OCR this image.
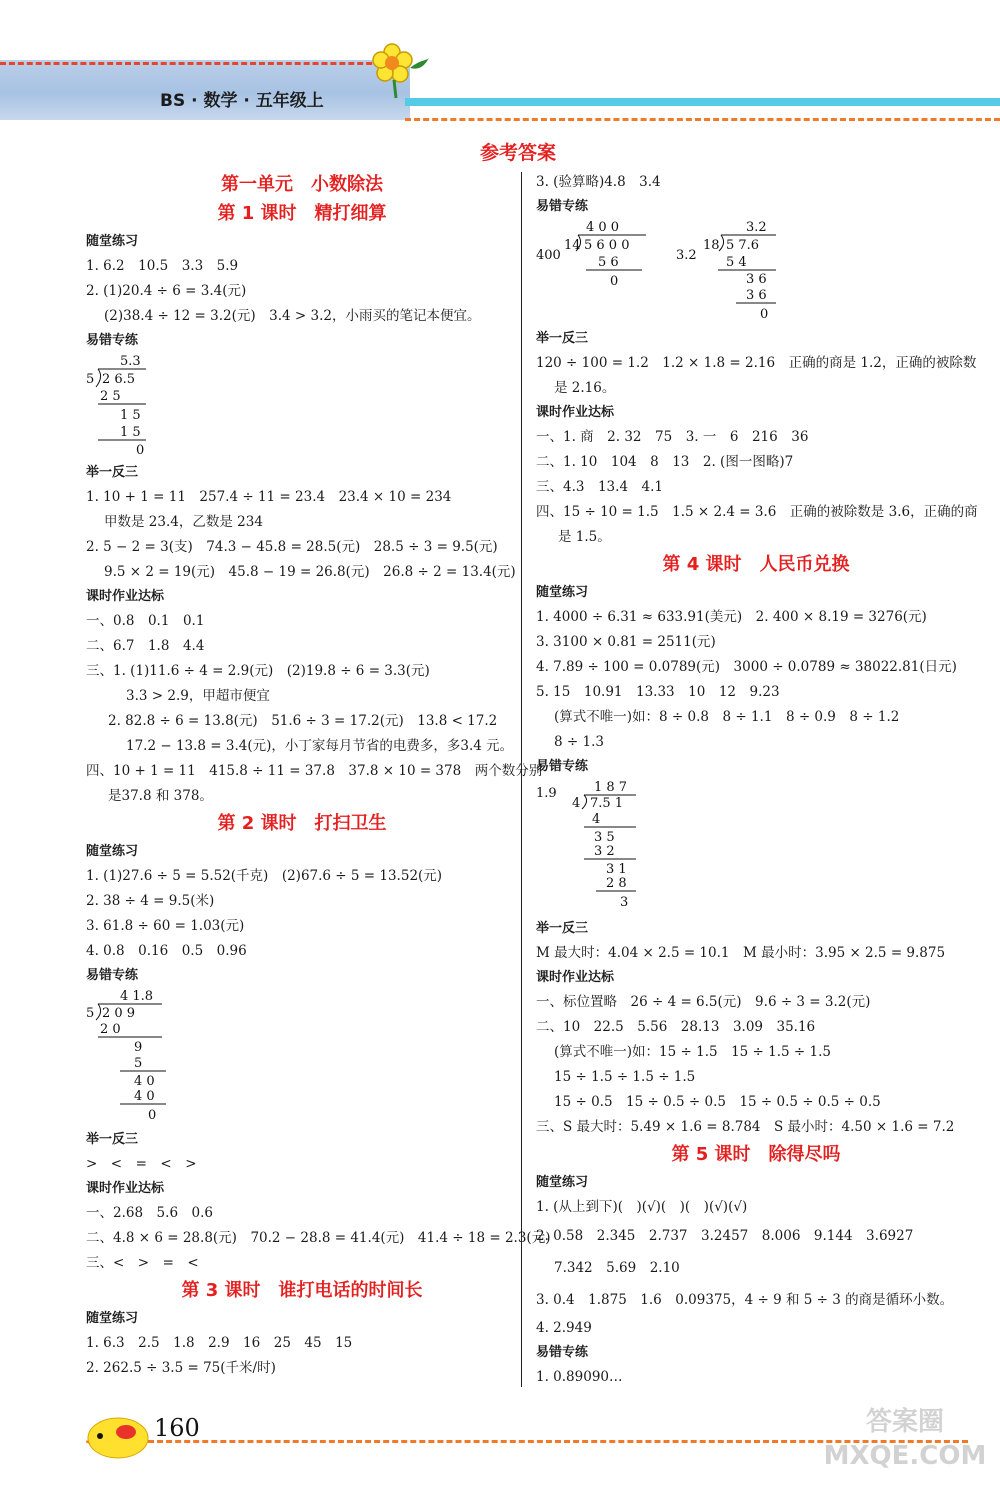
BS · 数学 · 五年级上
参考答案
第一单元　小数除法
第 1 课时　精打细算
随堂练习
1. 6.2　10.5　3.3　5.9
2. (1)20.4 ÷ 6 = 3.4(元)
(2)38.4 ÷ 12 = 3.2(元)　3.4 > 3.2，小雨买的笔记本便宜。
易错专练
5.3
5 2 6.5
2 5
1 5
1 5
0
举一反三
1. 10 + 1 = 11　257.4 ÷ 11 = 23.4　23.4 × 10 = 234
甲数是 23.4，乙数是 234
2. 5 − 2 = 3(支)　74.3 − 45.8 = 28.5(元)　28.5 ÷ 3 = 9.5(元)
9.5 × 2 = 19(元)　45.8 − 19 = 26.8(元)　26.8 ÷ 2 = 13.4(元)
课时作业达标
一、0.8　0.1　0.1
二、6.7　1.8　4.4
三、1. (1)11.6 ÷ 4 = 2.9(元)　(2)19.8 ÷ 6 = 3.3(元)
3.3 > 2.9，甲超市便宜
2. 82.8 ÷ 6 = 13.8(元)　51.6 ÷ 3 = 17.2(元)　13.8 < 17.2
17.2 − 13.8 = 3.4(元)，小丁家每月节省的电费多，多3.4 元。
四、10 + 1 = 11　415.8 ÷ 11 = 37.8　37.8 × 10 = 378　两个数分别
是37.8 和 378。
第 2 课时　打扫卫生
随堂练习
1. (1)27.6 ÷ 5 = 5.52(千克)　(2)67.6 ÷ 5 = 13.52(元)
2. 38 ÷ 4 = 9.5(米)
3. 61.8 ÷ 60 = 1.03(元)
4. 0.8　0.16　0.5　0.96
易错专练
4 1.8
5 2 0 9
2 0
9
5
4 0
4 0
0
举一反三
>　<　=　<　>
课时作业达标
一、2.68　5.6　0.6
二、4.8 × 6 = 28.8(元)　70.2 − 28.8 = 41.4(元)　41.4 ÷ 18 = 2.3(元)
三、<　>　=　<
第 3 课时　谁打电话的时间长
随堂练习
1. 6.3　2.5　1.8　2.9　16　25　45　15
2. 262.5 ÷ 3.5 = 75(千米/时)
3. (验算略)4.8　3.4
易错专练
400
4 0 0
14 5 6 0 0
5 6
0
3.2
3.2
18 5 7.6
5 4
3 6
3 6
0
举一反三
120 ÷ 100 = 1.2　1.2 × 1.8 = 2.16　正确的商是 1.2，正确的被除数
是 2.16。
课时作业达标
一、1. 商　2. 32　75　3. 一　6　216　36
二、1. 10　104　8　13　2. (图一图略)7
三、4.3　13.4　4.1
四、15 ÷ 10 = 1.5　1.5 × 2.4 = 3.6　正确的被除数是 3.6，正确的商
是 1.5。
第 4 课时　人民币兑换
随堂练习
1. 4000 ÷ 6.31 ≈ 633.91(美元)　2. 400 × 8.19 = 3276(元)
3. 3100 × 0.81 = 2511(元)
4. 7.89 ÷ 100 = 0.0789(元)　3000 ÷ 0.0789 ≈ 38022.81(日元)
5. 15　10.91　13.33　10　12　9.23
(算式不唯一)如：8 ÷ 0.8　8 ÷ 1.1　8 ÷ 0.9　8 ÷ 1.2
8 ÷ 1.3
易错专练
1.9	1 8 7
4 7.5 1
4
3 5
3 2
3 1
2 8
3
举一反三
M 最大时：4.04 × 2.5 = 10.1　M 最小时：3.95 × 2.5 = 9.875
课时作业达标
一、标位置略　26 ÷ 4 = 6.5(元)　9.6 ÷ 3 = 3.2(元)
二、10　22.5　5.56　28.13　3.09　35.16
(算式不唯一)如：15 ÷ 1.5　15 ÷ 1.5 ÷ 1.5
15 ÷ 1.5 ÷ 1.5 ÷ 1.5
15 ÷ 0.5　15 ÷ 0.5 ÷ 0.5　15 ÷ 0.5 ÷ 0.5 ÷ 0.5
三、S 最大时：5.49 × 1.6 = 8.784　S 最小时：4.50 × 1.6 = 7.2
第 5 课时　除得尽吗
随堂练习
1. (从上到下)(　)(√)(　)(　)(√)(√)
2. 0.58　2.345　2.737　3.2457　8.006　9.144　3.6927
7.342　5.69　2.10
3. 0.4　1.875　1.6　0.09375，4 ÷ 9 和 5 ÷ 3 的商是循环小数。
4. 2.949
易错专练
1. 0.89090…
160	答案圈
MXQE.COM
